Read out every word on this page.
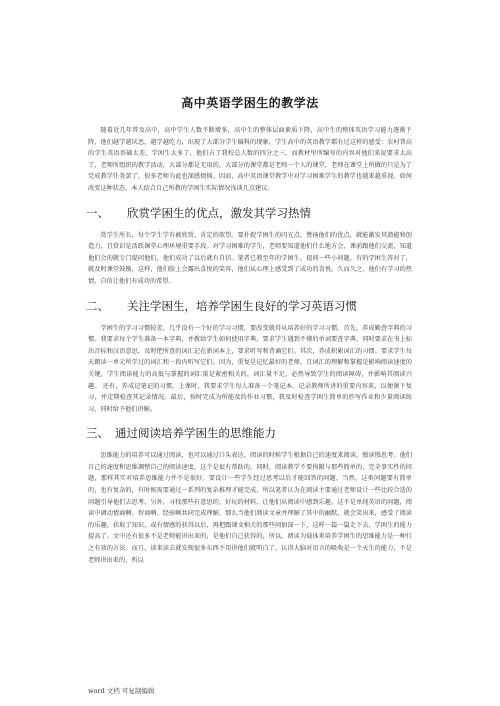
高中英语学困生的教学法

随着近几年普及高中，高中学生人数不断增多，高中生的整体层面素质下降，高中生的整体英语学习能力逐渐下降，他们越学越厌恶，越学越吃力，出现了大部分学生偏科的现象。学生高中的英语教学都有过这样的感受：农村普高的学生英语基础太差，学困生太多了，他们占了我校总人数的四分之三。而教材里所编写的内容对他们来说要求太高了，老师所组织的教学活动，大部分都是无用的，大部分的课堂都是老师一个人的课堂，老师在课堂上所做的只是为了完成教学任务罢了，很多老师为此也深感烦恼。因而，高中英语课堂教学中对学习困难学生的教学也越来越重视。如何改变这种状态，本人结合自己所教的学困生实际情况浅谈几点建议。

一、 欣赏学困生的优点，激发其学习热情

赏学生所长，每个学生学有被欣赏、肯定的欲望。要扑捉学困生的闪光点，赞扬他们的优点，就能激发其潜能和创造力，且赏识是活跃课堂心理环境重要手段。对学习困难的学生，老师要知道他们什么地方会，课前跟他们交流，知道他们会的就专门提问他们，他们成功了以后就有自信。笔者已教至年的学困生，提问一些小问题，有的学困生答对了，就及时课堂鼓励，这样，他们脸上会露出喜悦的笑容，他们从心理上感受到了成功的喜悦。久而久之，他们有学习的热情，自信让他们有成功的希望。

二、 关注学困生，培养学困生良好的学习英语习惯

学困生的学习习惯较差，几乎没有一个好的学习习惯，要改变就得从培养好的学习习惯。首先，养成勤查字典的习惯。我要求每个学生准备一本字典，并教给学生如何使用字典，要求学生遇到不懂的单词要查字典，同时要求在书上标出音标和汉语意思，及时把所查的词汇记在新词本上，要求听写和背诵它们。其次，养成积累词汇的习惯。要求学生每天朗读一单元所学过的词汇和一段内听写它们。因为，重复是记忆最好的老师。且词汇的理解和掌握是影响阅读速度的关键，学生阅读能力的高低与掌握的词汇量是紧密相关的，词汇量不足，必然导致学生的阅读障碍，并影响其阅读兴趣。 还有，养成记笔记的习惯。上课时，我要求学生每人准备一个笔记本，记录教师所讲的重要内容来，以便课下复习，并定期检查其记录情况。最后，按时完成为所能及的作业习惯，我及时检查学困生简单的抄写作业和少量阅读练习，同时给予他们讲解。

三、 通过阅读培养学困生的思维能力

思维能力的培养可以通过阅读，也可以通过口头表达。阅读的时候学生根据自己的速度来阅读，慢读慢思考。他们自己的速度和思维调整自己的阅读速度，这个是很有帮助的。同时，阅读教学不要拘限与那些简单的，完全事实性的问题，那样其实对培养思维能力并不是很好。要设计一些学生经过思考以后才能回答的问题，当然，这类问题要有简单的，也有复杂的，有时候需要通过一系列的复杂推理才能完成，所以笔者认为在阅读主要通过老师设计一些比较合适的问题引导他们去思考。另外，寻找那些有意思的，好玩的材料，让他们从阅读中感到乐趣，这不是单纯英语的问题，阅读中调动情商啊、智商啊、经验啊共同完成理解，那么当他们阅读文章并理解了其中的幽默，就会笑出来，感受了阅读的乐趣，获取了知识，或有情感的获得以后，再把跟课文相关的那些问加深一下，这样一篇一篇走下去，学困生的能力提高了。文中还有很多不是老师能讲出来的，是他们自己获得的，所以，阅读为载体来培养学困生的思维能力是一种行之有效的方法。而且，读来读去就发现很多东西不用讲他们就明白了，认得大脑对语言的吸收是一个天生的能力，不是老师讲出来的，所以

word 文档 可复制编辑
